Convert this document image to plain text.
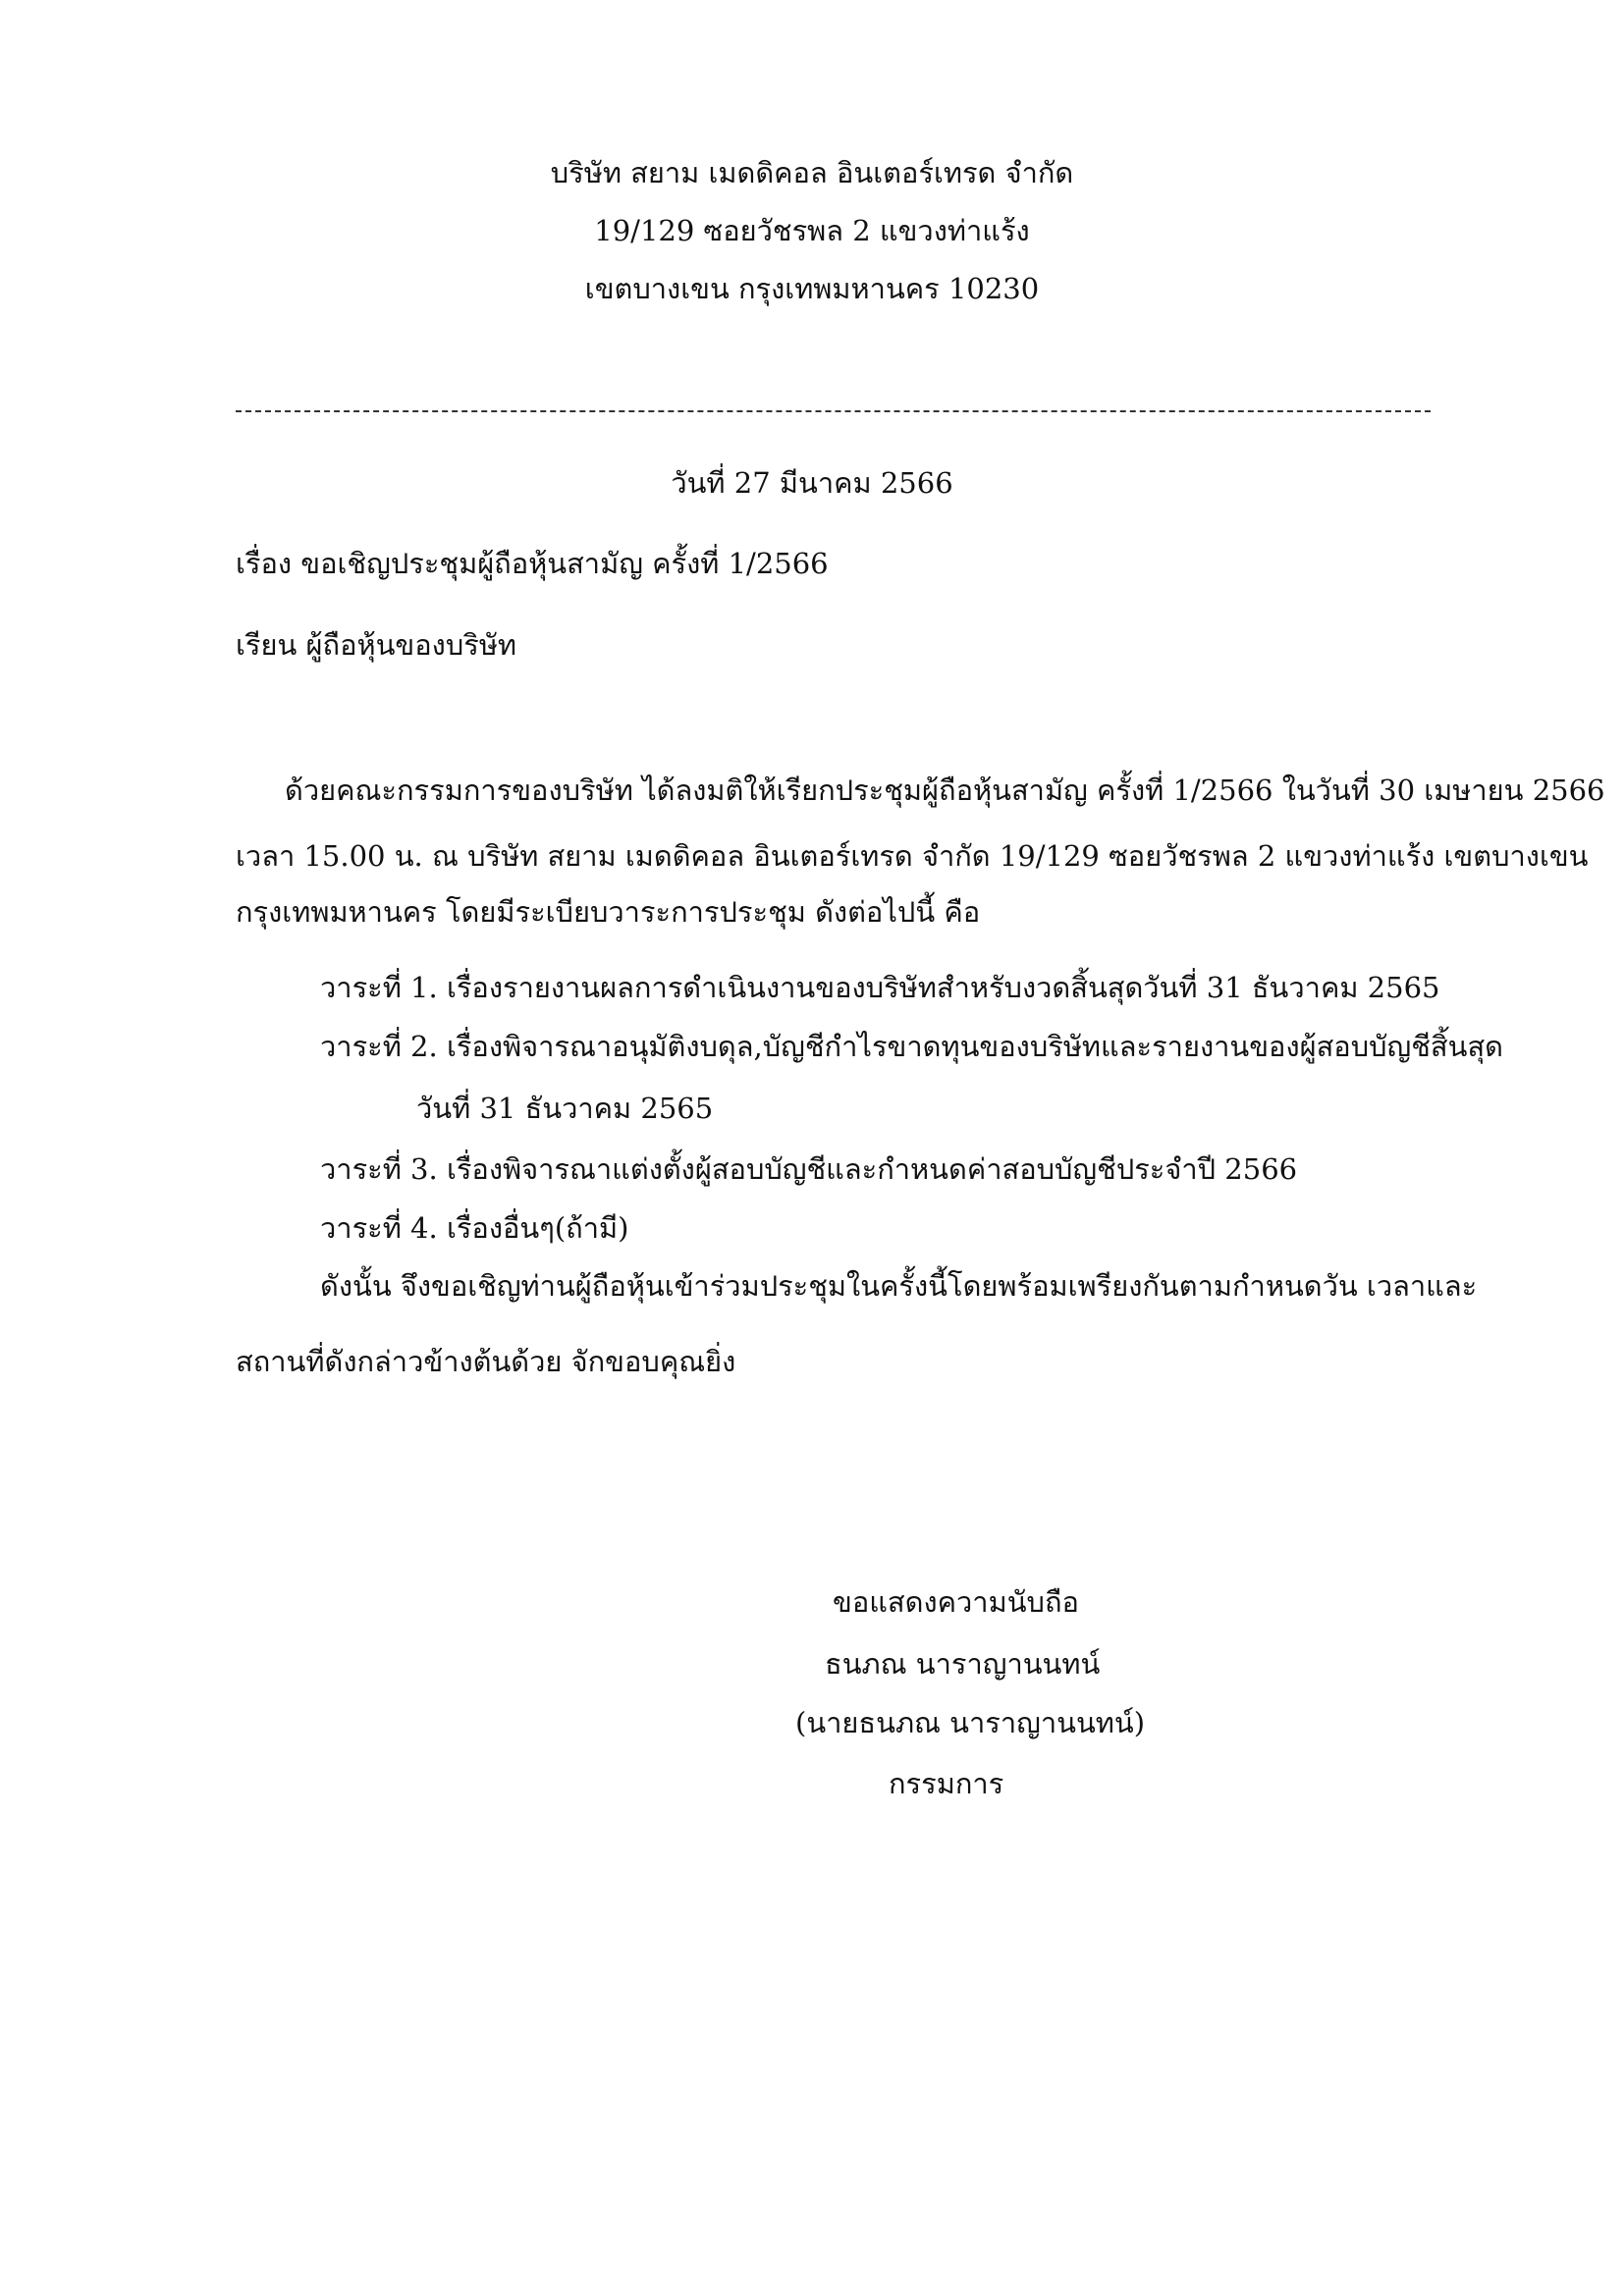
บริษัท สยาม เมดดิคอล อินเตอร์เทรด จำกัด
19/129 ซอยวัชรพล 2 แขวงท่าแร้ง
เขตบางเขน กรุงเทพมหานคร 10230
วันที่ 27 มีนาคม 2566
เรื่อง ขอเชิญประชุมผู้ถือหุ้นสามัญ ครั้งที่ 1/2566
เรียน ผู้ถือหุ้นของบริษัท
ด้วยคณะกรรมการของบริษัท ได้ลงมติให้เรียกประชุมผู้ถือหุ้นสามัญ ครั้งที่ 1/2566 ในวันที่ 30 เมษายน 2566
เวลา 15.00 น. ณ บริษัท สยาม เมดดิคอล อินเตอร์เทรด จำกัด 19/129 ซอยวัชรพล 2 แขวงท่าแร้ง เขตบางเขน
กรุงเทพมหานคร โดยมีระเบียบวาระการประชุม ดังต่อไปนี้ คือ
วาระที่ 1. เรื่องรายงานผลการดำเนินงานของบริษัทสำหรับงวดสิ้นสุดวันที่ 31 ธันวาคม 2565
วาระที่ 2. เรื่องพิจารณาอนุมัติงบดุล,บัญชีกำไรขาดทุนของบริษัทและรายงานของผู้สอบบัญชีสิ้นสุด
วันที่ 31 ธันวาคม 2565
วาระที่ 3. เรื่องพิจารณาแต่งตั้งผู้สอบบัญชีและกำหนดค่าสอบบัญชีประจำปี 2566
วาระที่ 4. เรื่องอื่นๆ(ถ้ามี)
ดังนั้น จึงขอเชิญท่านผู้ถือหุ้นเข้าร่วมประชุมในครั้งนี้โดยพร้อมเพรียงกันตามกำหนดวัน เวลาและ
สถานที่ดังกล่าวข้างต้นด้วย จักขอบคุณยิ่ง
ขอแสดงความนับถือ
ธนภณ นาราญานนทน์
(นายธนภณ นาราญานนทน์)
กรรมการ
